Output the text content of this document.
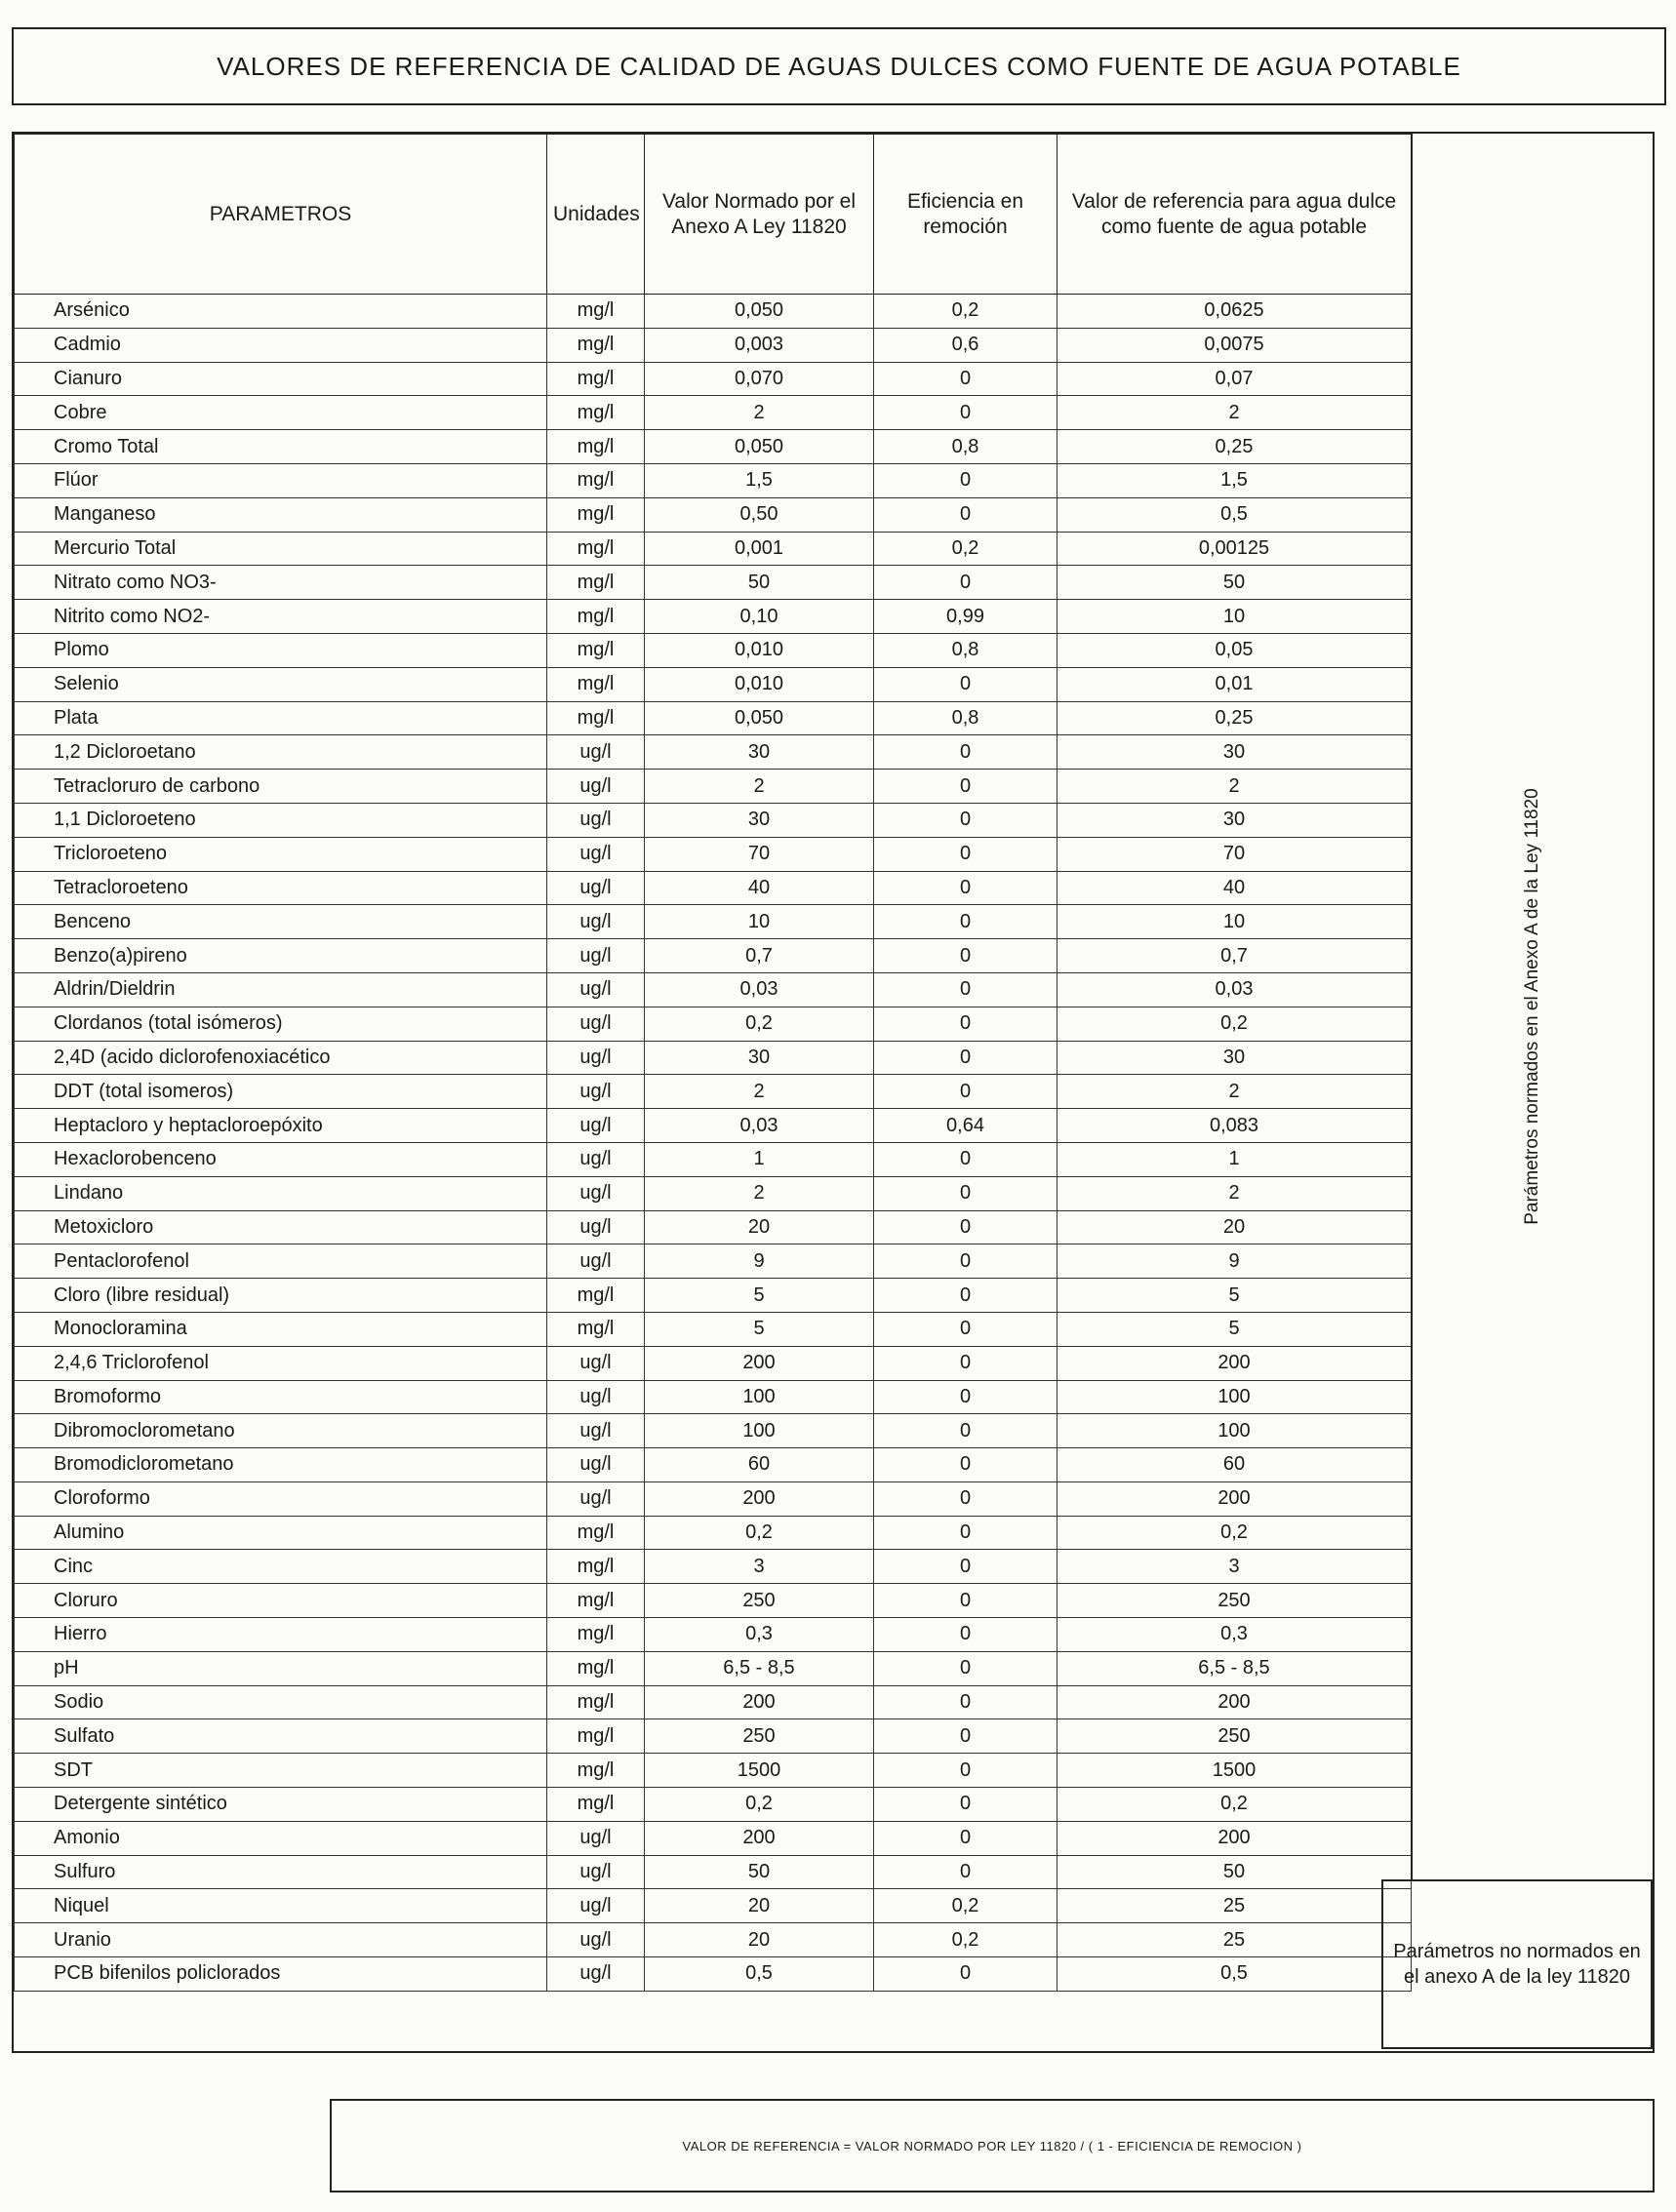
VALORES DE REFERENCIA DE CALIDAD DE AGUAS DULCES COMO FUENTE DE AGUA POTABLE
PARAMETROS	Unidades	Valor Normado por el Anexo A Ley 11820	Eficiencia en remoción	Valor de referencia para agua dulce como fuente de agua potable
Arsénico	mg/l	0,050	0,2	0,0625
Cadmio	mg/l	0,003	0,6	0,0075
Cianuro	mg/l	0,070	0	0,07
Cobre	mg/l	2	0	2
Cromo Total	mg/l	0,050	0,8	0,25
Flúor	mg/l	1,5	0	1,5
Manganeso	mg/l	0,50	0	0,5
Mercurio Total	mg/l	0,001	0,2	0,00125
Nitrato como NO3-	mg/l	50	0	50
Nitrito como NO2-	mg/l	0,10	0,99	10
Plomo	mg/l	0,010	0,8	0,05
Selenio	mg/l	0,010	0	0,01
Plata	mg/l	0,050	0,8	0,25
1,2 Dicloroetano	ug/l	30	0	30
Tetracloruro de carbono	ug/l	2	0	2
1,1 Dicloroeteno	ug/l	30	0	30
Tricloroeteno	ug/l	70	0	70
Tetracloroeteno	ug/l	40	0	40
Benceno	ug/l	10	0	10
Benzo(a)pireno	ug/l	0,7	0	0,7
Aldrin/Dieldrin	ug/l	0,03	0	0,03
Clordanos (total isómeros)	ug/l	0,2	0	0,2
2,4D (acido diclorofenoxiacético	ug/l	30	0	30
DDT (total isomeros)	ug/l	2	0	2
Heptacloro y heptacloroepóxito	ug/l	0,03	0,64	0,083
Hexaclorobenceno	ug/l	1	0	1
Lindano	ug/l	2	0	2
Metoxicloro	ug/l	20	0	20
Pentaclorofenol	ug/l	9	0	9
Cloro (libre residual)	mg/l	5	0	5
Monocloramina	mg/l	5	0	5
2,4,6 Triclorofenol	ug/l	200	0	200
Bromoformo	ug/l	100	0	100
Dibromoclorometano	ug/l	100	0	100
Bromodiclorometano	ug/l	60	0	60
Cloroformo	ug/l	200	0	200
Alumino	mg/l	0,2	0	0,2
Cinc	mg/l	3	0	3
Cloruro	mg/l	250	0	250
Hierro	mg/l	0,3	0	0,3
pH	mg/l	6,5 - 8,5	0	6,5 - 8,5
Sodio	mg/l	200	0	200
Sulfato	mg/l	250	0	250
SDT	mg/l	1500	0	1500
Detergente sintético	mg/l	0,2	0	0,2
Amonio	ug/l	200	0	200
Sulfuro	ug/l	50	0	50
Niquel	ug/l	20	0,2	25
Uranio	ug/l	20	0,2	25
PCB bifenilos policlorados	ug/l	0,5	0	0,5
Parámetros normados en el Anexo A de la Ley 11820
Parámetros no normados en el anexo A de la ley 11820
VALOR DE REFERENCIA = VALOR NORMADO POR LEY 11820 / ( 1 - EFICIENCIA DE REMOCION )
